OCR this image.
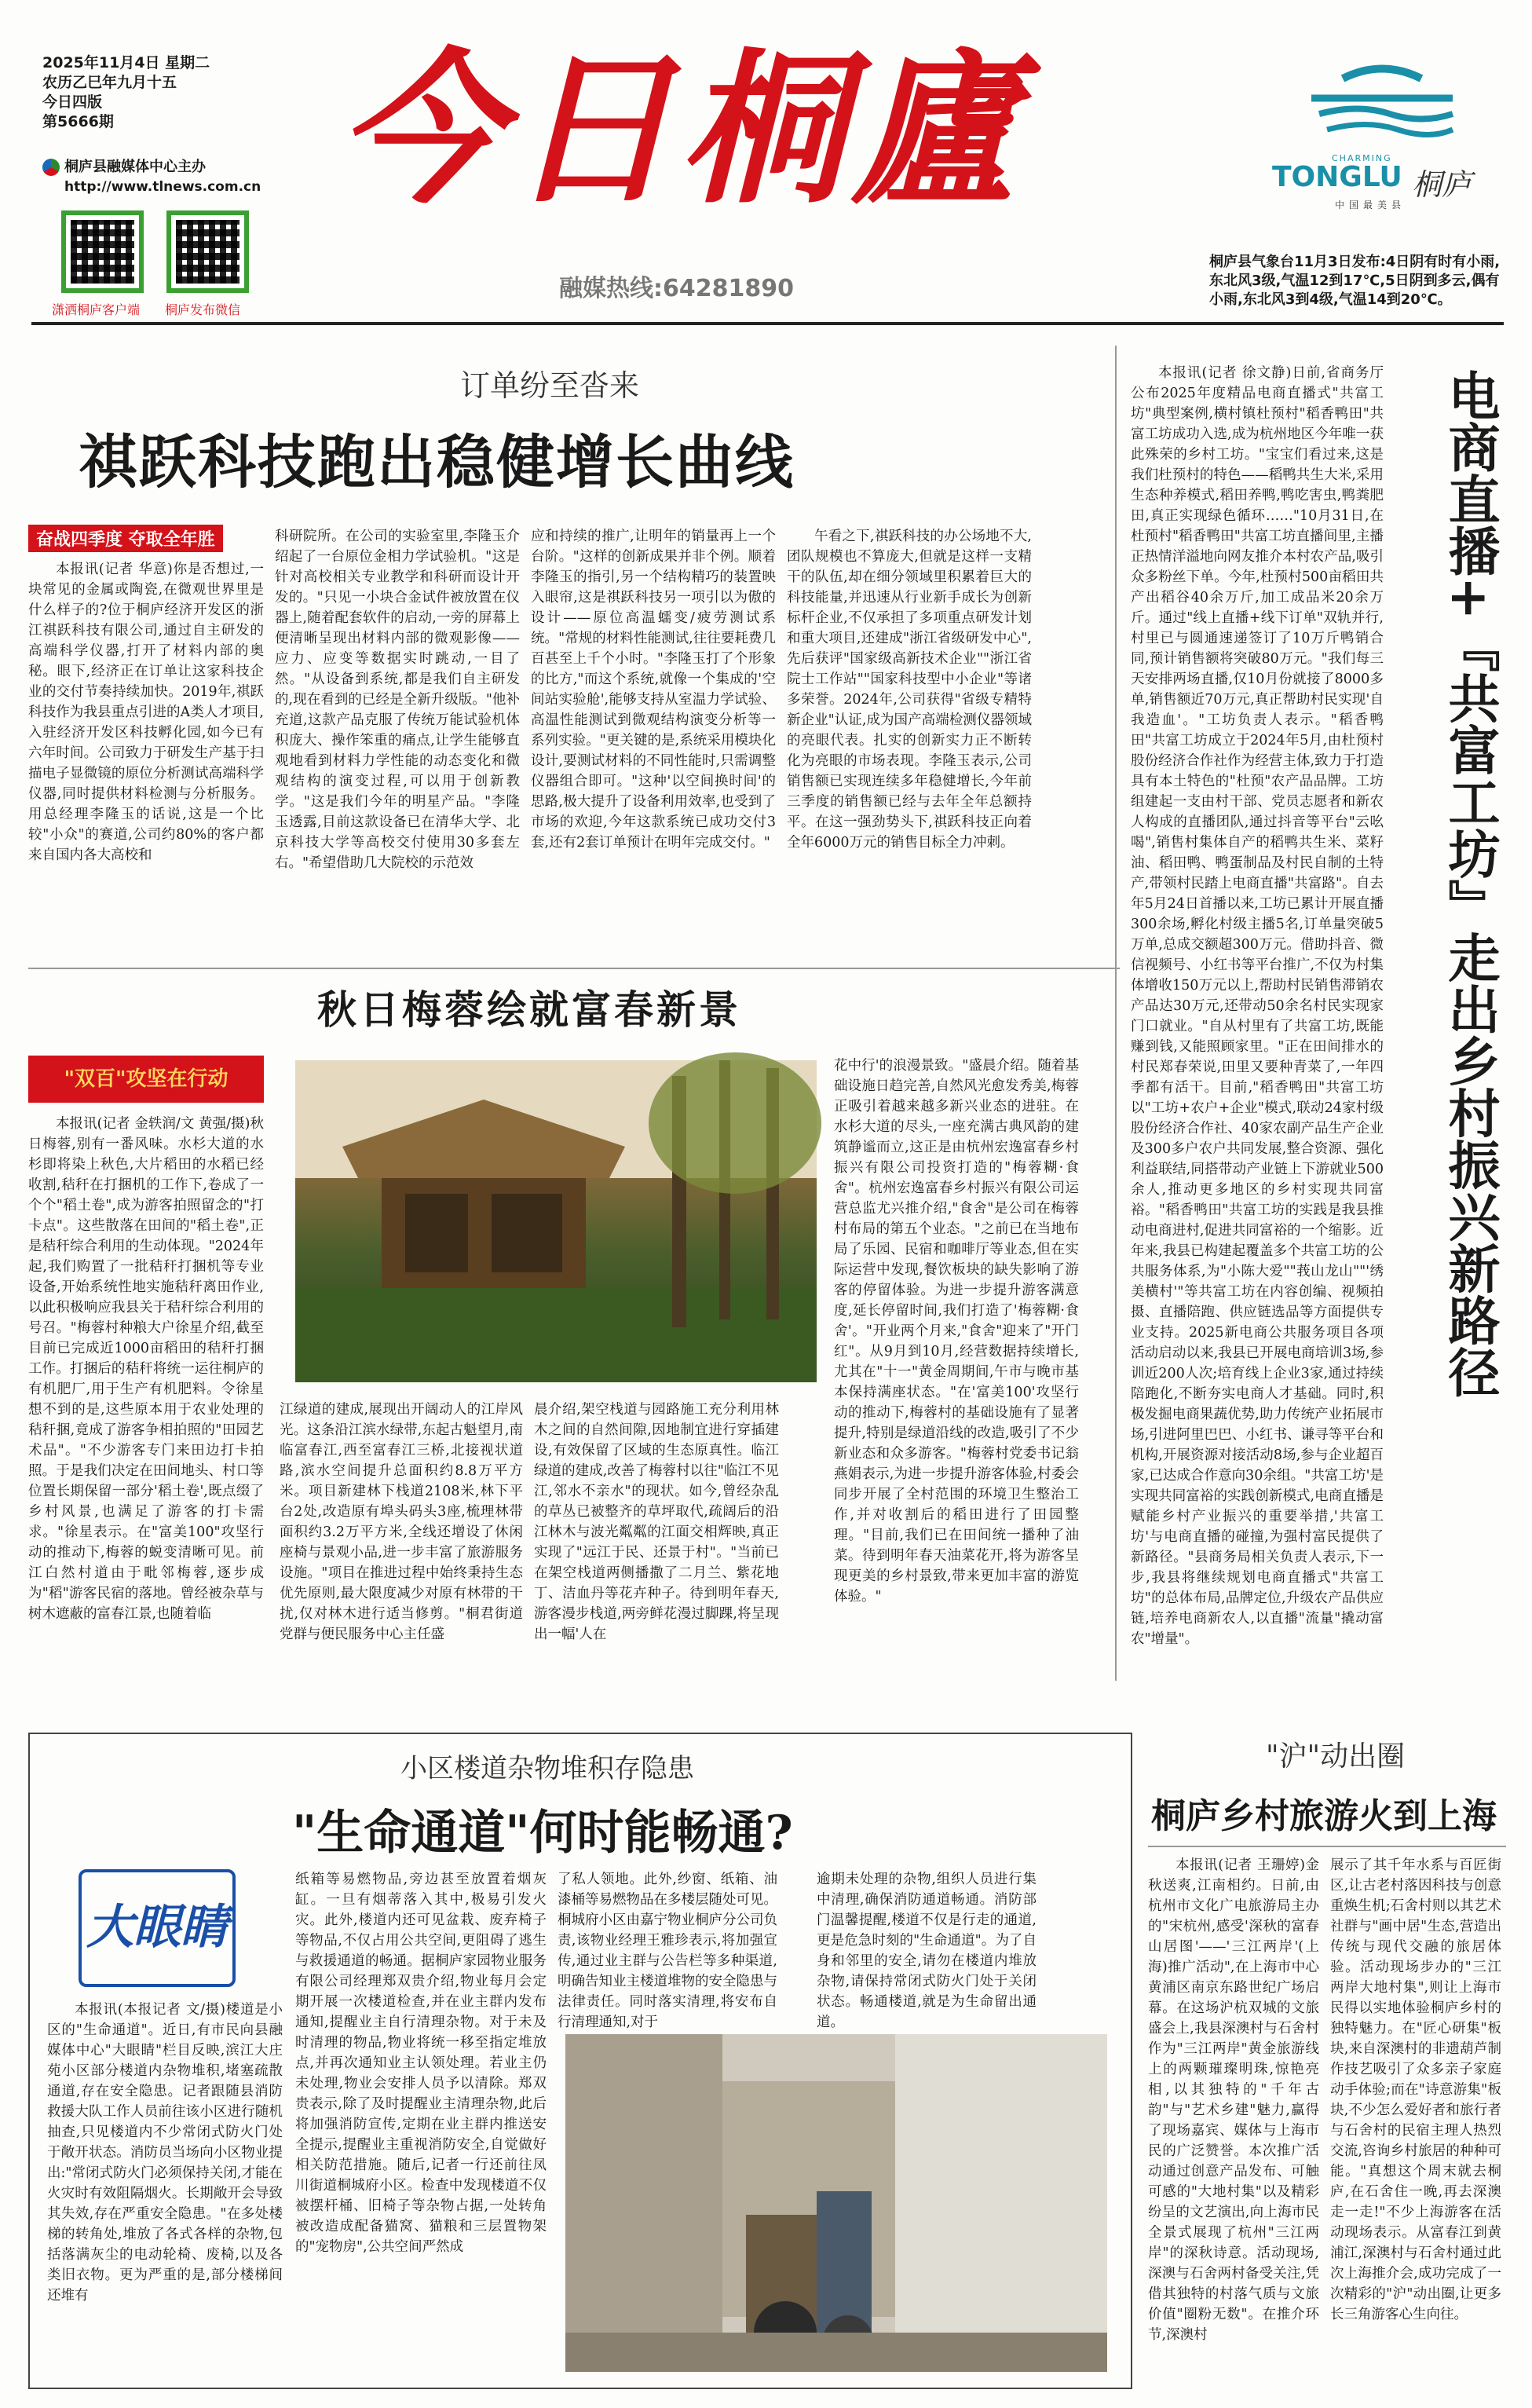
2025年11月4日 星期二
农历乙巳年九月十五
今日四版
第5666期
桐庐县融媒体中心主办
http://www.tlnews.com.cn
潇洒桐庐客户端 桐庐发布微信
今日桐廬
融媒热线:64281890
CHARMING
TONGLU 桐庐
中国最美县
桐庐县气象台11月3日发布:4日阴有时有小雨,东北风3级,气温12到17℃,5日阴到多云,偶有小雨,东北风3到4级,气温14到20℃。
订单纷至沓来
祺跃科技跑出稳健增长曲线
奋战四季度 夺取全年胜
本报讯(记者 华意)你是否想过,一块常见的金属或陶瓷,在微观世界里是什么样子的?位于桐庐经济开发区的浙江祺跃科技有限公司,通过自主研发的高端科学仪器,打开了材料内部的奥秘。眼下,经济正在订单让这家科技企业的交付节奏持续加快。2019年,祺跃科技作为我县重点引进的A类人才项目,入驻经济开发区科技孵化园,如今已有六年时间。公司致力于研发生产基于扫描电子显微镜的原位分析测试高端科学仪器,同时提供材料检测与分析服务。用总经理李隆玉的话说,这是一个比较"小众"的赛道,公司约80%的客户都来自国内各大高校和
科研院所。在公司的实验室里,李隆玉介绍起了一台原位金相力学试验机。"这是针对高校相关专业教学和科研而设计开发的。"只见一小块合金试件被放置在仪器上,随着配套软件的启动,一旁的屏幕上便清晰呈现出材料内部的微观影像——应力、应变等数据实时跳动,一目了然。"从设备到系统,都是我们自主研发的,现在看到的已经是全新升级版。"他补充道,这款产品克服了传统万能试验机体积庞大、操作笨重的痛点,让学生能够直观地看到材料力学性能的动态变化和微观结构的演变过程,可以用于创新教学。"这是我们今年的明星产品。"李隆玉透露,目前这款设备已在清华大学、北京科技大学等高校交付使用30多套左右。"希望借助几大院校的示范效
应和持续的推广,让明年的销量再上一个台阶。"这样的创新成果并非个例。顺着李隆玉的指引,另一个结构精巧的装置映入眼帘,这是祺跃科技另一项引以为傲的设计——原位高温蠕变/疲劳测试系统。"常规的材料性能测试,往往要耗费几百甚至上千个小时。"李隆玉打了个形象的比方,"而这个系统,就像一个集成的'空间站实验舱',能够支持从室温力学试验、高温性能测试到微观结构演变分析等一系列实验。"更关键的是,系统采用模块化设计,要测试材料的不同性能时,只需调整仪器组合即可。"这种'以空间换时间'的思路,极大提升了设备利用效率,也受到了市场的欢迎,今年这款系统已成功交付3套,还有2套订单预计在明年完成交付。"
午看之下,祺跃科技的办公场地不大,团队规模也不算庞大,但就是这样一支精干的队伍,却在细分领域里积累着巨大的科技能量,并迅速从行业新手成长为创新标杆企业,不仅承担了多项重点研发计划和重大项目,还建成"浙江省级研发中心",先后获评"国家级高新技术企业""浙江省院士工作站""国家科技型中小企业"等诸多荣誉。2024年,公司获得"省级专精特新企业"认证,成为国产高端检测仪器领域的亮眼代表。扎实的创新实力正不断转化为亮眼的市场表现。李隆玉表示,公司销售额已实现连续多年稳健增长,今年前三季度的销售额已经与去年全年总额持平。在这一强劲势头下,祺跃科技正向着全年6000万元的销售目标全力冲刺。
秋日梅蓉绘就富春新景
"双百"攻坚在行动
本报讯(记者 金轶润/文 黄强/摄)秋日梅蓉,别有一番风味。水杉大道的水杉即将染上秋色,大片稻田的水稻已经收割,秸秆在打捆机的工作下,卷成了一个个"稻土卷",成为游客拍照留念的"打卡点"。这些散落在田间的"稻土卷",正是秸秆综合利用的生动体现。"2024年起,我们购置了一批秸秆打捆机等专业设备,开始系统性地实施秸秆离田作业,以此积极响应我县关于秸秆综合利用的号召。"梅蓉村种粮大户徐星介绍,截至目前已完成近1000亩稻田的秸秆打捆工作。打捆后的秸秆将统一运往桐庐的有机肥厂,用于生产有机肥料。令徐星想不到的是,这些原本用于农业处理的秸秆捆,竟成了游客争相拍照的"田园艺术品"。"不少游客专门来田边打卡拍照。于是我们决定在田间地头、村口等位置长期保留一部分'稻土卷',既点缀了乡村风景,也满足了游客的打卡需求。"徐星表示。在"富美100"攻坚行动的推动下,梅蓉的蜕变清晰可见。前江白然村道由于毗邻梅蓉,逐步成为"稻"游客民宿的落地。曾经被杂草与树木遮蔽的富春江景,也随着临
江绿道的建成,展现出开阔动人的江岸风光。这条沿江滨水绿带,东起古魁望月,南临富春江,西至富春江三桥,北接视状道路,滨水空间提升总面积约8.8万平方米。项目新建林下栈道2108米,林下平台2处,改造原有埠头码头3座,梳理林带面积约3.2万平方米,全线还增设了休闲座椅与景观小品,进一步丰富了旅游服务设施。"项目在推进过程中始终秉持生态优先原则,最大限度减少对原有林带的干扰,仅对林木进行适当修剪。"桐君街道党群与便民服务中心主任盛
晨介绍,架空栈道与园路施工充分利用林木之间的自然间隙,因地制宜进行穿插建设,有效保留了区域的生态原真性。临江绿道的建成,改善了梅蓉村以往"临江不见江,邻水不亲水"的现状。如今,曾经杂乱的草丛已被整齐的草坪取代,疏阔后的沿江林木与波光粼粼的江面交相辉映,真正实现了"远江于民、还景于村"。"当前已在架空栈道两侧播撒了二月兰、紫花地丁、洁血丹等花卉种子。待到明年春天,游客漫步栈道,两旁鲜花漫过脚踝,将呈现出一幅'人在
花中行'的浪漫景致。"盛晨介绍。随着基础设施日趋完善,自然风光愈发秀美,梅蓉正吸引着越来越多新兴业态的进驻。在水杉大道的尽头,一座充满古典风韵的建筑静谧而立,这正是由杭州宏逸富春乡村振兴有限公司投资打造的"梅蓉糊·食舍"。杭州宏逸富春乡村振兴有限公司运营总监尤兴推介绍,"食舍"是公司在梅蓉村布局的第五个业态。"之前已在当地布局了乐园、民宿和咖啡厅等业态,但在实际运营中发现,餐饮板块的缺失影响了游客的停留体验。为进一步提升游客满意度,延长停留时间,我们打造了'梅蓉糊·食舍'。"开业两个月来,"食舍"迎来了"开门红"。从9月到10月,经营数据持续增长,尤其在"十一"黄金周期间,午市与晚市基本保持满座状态。"在'富美100'攻坚行动的推动下,梅蓉村的基础设施有了显著提升,特别是绿道沿线的改造,吸引了不少新业态和众多游客。"梅蓉村党委书记翁燕娟表示,为进一步提升游客体验,村委会同步开展了全村范围的环境卫生整治工作,并对收割后的稻田进行了田园整理。"目前,我们已在田间统一播种了油菜。待到明年春天油菜花开,将为游客呈现更美的乡村景致,带来更加丰富的游览体验。"
本报讯(记者 徐文静)日前,省商务厅公布2025年度精品电商直播式"共富工坊"典型案例,横村镇杜预村"稻香鸭田"共富工坊成功入选,成为杭州地区今年唯一获此殊荣的乡村工坊。"宝宝们看过来,这是我们杜预村的特色——稻鸭共生大米,采用生态种养模式,稻田养鸭,鸭吃害虫,鸭粪肥田,真正实现绿色循环……"10月31日,在杜预村"稻香鸭田"共富工坊直播间里,主播正热情洋溢地向网友推介本村农产品,吸引众多粉丝下单。今年,杜预村500亩稻田共产出稻谷40余万斤,加工成品米20余万斤。通过"线上直播+线下订单"双轨并行,村里已与圆通速递签订了10万斤鸭销合同,预计销售额将突破80万元。"我们每三天安排两场直播,仅10月份就接了8000多单,销售额近70万元,真正帮助村民实现'自我造血'。"工坊负责人表示。"稻香鸭田"共富工坊成立于2024年5月,由杜预村股份经济合作社作为经营主体,致力于打造具有本土特色的"杜预"农产品品牌。工坊组建起一支由村干部、党员志愿者和新农人构成的直播团队,通过抖音等平台"云吆喝",销售村集体自产的稻鸭共生米、菜籽油、稻田鸭、鸭蛋制品及村民自制的土特产,带领村民踏上电商直播"共富路"。自去年5月24日首播以来,工坊已累计开展直播300余场,孵化村级主播5名,订单量突破5万单,总成交额超300万元。借助抖音、微信视频号、小红书等平台推广,不仅为村集体增收150万元以上,帮助村民销售滞销农产品达30万元,还带动50余名村民实现家门口就业。"自从村里有了共富工坊,既能赚到钱,又能照顾家里。"正在田间排水的村民郑春荣说,田里又要种青菜了,一年四季都有活干。目前,"稻香鸭田"共富工坊以"工坊+农户+企业"模式,联动24家村级股份经济合作社、40家农副产品生产企业及300多户农户共同发展,整合资源、强化利益联结,同搭带动产业链上下游就业500余人,推动更多地区的乡村实现共同富裕。"稻香鸭田"共富工坊的实践是我县推动电商进村,促进共同富裕的一个缩影。近年来,我县已构建起覆盖多个共富工坊的公共服务体系,为"小陈大爱""莪山龙山""'绣美横村'"等共富工坊在内容创编、视频拍摄、直播陪跑、供应链选品等方面提供专业支持。2025新电商公共服务项目各项活动启动以来,我县已开展电商培训3场,参训近200人次;培育线上企业3家,通过持续陪跑化,不断夯实电商人才基础。同时,积极发掘电商果蔬优势,助力传统产业拓展市场,引进阿里巴巴、小红书、谦寻等平台和机构,开展资源对接活动8场,参与企业超百家,已达成合作意向30余组。"共富工坊'是实现共同富裕的实践创新模式,电商直播是赋能乡村产业振兴的重要举措,'共富工坊'与电商直播的碰撞,为强村富民提供了新路径。"县商务局相关负责人表示,下一步,我县将继续规划电商直播式"共富工坊"的总体布局,品牌定位,升级农产品供应链,培养电商新农人,以直播"流量"撬动富农"增量"。
电商直播+『共富工坊』走出乡村振兴新路径
小区楼道杂物堆积存隐患
"生命通道"何时能畅通?
大眼睛
本报讯(本报记者 文/摄)楼道是小区的"生命通道"。近日,有市民向县融媒体中心"大眼睛"栏目反映,滨江大庄苑小区部分楼道内杂物堆积,堵塞疏散通道,存在安全隐患。记者跟随县消防救援大队工作人员前往该小区进行随机抽查,只见楼道内不少常闭式防火门处于敞开状态。消防员当场向小区物业提出:"常闭式防火门必须保持关闭,才能在火灾时有效阻隔烟火。长期敞开会导致其失效,存在严重安全隐患。"在多处楼梯的转角处,堆放了各式各样的杂物,包括落满灰尘的电动轮椅、废椅,以及各类旧衣物。更为严重的是,部分楼梯间还堆有
纸箱等易燃物品,旁边甚至放置着烟灰缸。一旦有烟蒂落入其中,极易引发火灾。此外,楼道内还可见盆栽、废弃椅子等物品,不仅占用公共空间,更阻碍了逃生与救援通道的畅通。据桐庐家园物业服务有限公司经理郑双贵介绍,物业每月会定期开展一次楼道检查,并在业主群内发布通知,提醒业主自行清理杂物。对于未及时清理的物品,物业将统一移至指定堆放点,并再次通知业主认领处理。若业主仍未处理,物业会安排人员予以清除。郑双贵表示,除了及时提醒业主清理杂物,此后将加强消防宣传,定期在业主群内推送安全提示,提醒业主重视消防安全,自觉做好相关防范措施。随后,记者一行还前往凤川街道桐城府小区。检查中发现楼道不仅被摆杆桶、旧椅子等杂物占据,一处转角被改造成配备猫窝、猫粮和三层置物架的"宠物房",公共空间严然成
了私人领地。此外,纱窗、纸箱、油漆桶等易燃物品在多楼层随处可见。桐城府小区由嘉宁物业桐庐分公司负责,该物业经理王雅珍表示,将加强宣传,通过业主群与公告栏等多种渠道,明确告知业主楼道堆物的安全隐患与法律责任。同时落实清理,将安布自行清理通知,对于
逾期未处理的杂物,组织人员进行集中清理,确保消防通道畅通。消防部门温馨提醒,楼道不仅是行走的通道,更是危急时刻的"生命通道"。为了自身和邻里的安全,请勿在楼道内堆放杂物,请保持常闭式防火门处于关闭状态。畅通楼道,就是为生命留出通道。
"沪"动出圈
桐庐乡村旅游火到上海
本报讯(记者 王珊婷)金秋送爽,江南相约。日前,由杭州市文化广电旅游局主办的"宋杭州,感受'深秋的富春山居图'——'三江两岸'(上海)推广活动",在上海市中心黄浦区南京东路世纪广场启幕。在这场沪杭双城的文旅盛会上,我县深澳村与石舍村作为"三江两岸"黄金旅游线上的两颗璀璨明珠,惊艳亮相,以其独特的"千年古韵"与"艺术乡建"魅力,赢得了现场嘉宾、媒体与上海市民的广泛赞誉。本次推广活动通过创意产品发布、可触可感的"大地村集"以及精彩纷呈的文艺演出,向上海市民全景式展现了杭州"三江两岸"的深秋诗意。活动现场,深澳与石舍两村备受关注,凭借其独特的村落气质与文旅价值"圈粉无数"。在推介环节,深澳村
展示了其千年水系与百匠街区,让古老村落因科技与创意重焕生机;石舍村则以其艺术社群与"画中居"生态,营造出传统与现代交融的旅居体验。活动现场步办的"三江两岸大地村集",则让上海市民得以实地体验桐庐乡村的独特魅力。在"匠心研集"板块,来自深澳村的非遗葫芦制作技艺吸引了众多亲子家庭动手体验;而在"诗意游集"板块,不少怎么爱好者和旅行者与石舍村的民宿主理人热烈交流,咨询乡村旅居的种种可能。"真想这个周末就去桐庐,在石舍住一晚,再去深澳走一走!"不少上海游客在活动现场表示。从富春江到黄浦江,深澳村与石舍村通过此次上海推介会,成功完成了一次精彩的"沪"动出圈,让更多长三角游客心生向往。
